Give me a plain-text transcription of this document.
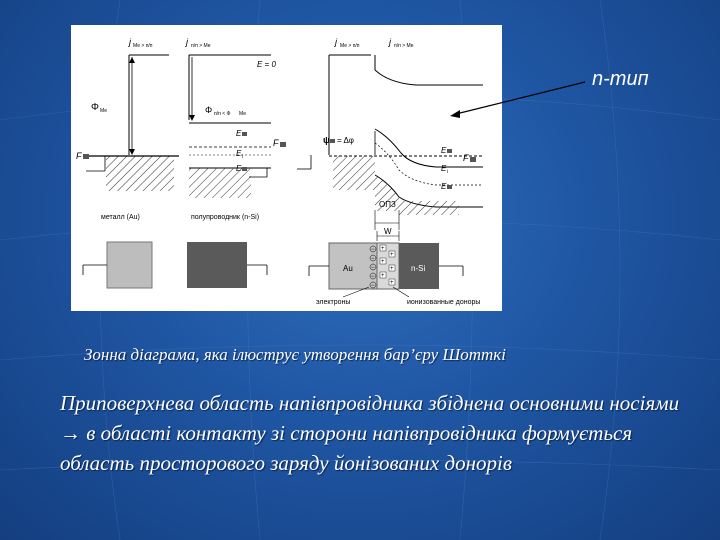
j Ме > п/п
Φ Ме
F
металл (Au)
j п/п > Ме
E = 0
Φ п/п < Φ Ме
E
E i
E
F
полупроводник (n-Si)
j Ме > п/п	j п/п > Ме
ψ = Δφ
E
E i
E
F
ОПЗ
W
Au	n-Si
−
−
−
−
−
+
+
+
+
+
+
электроны	ионизованные доноры
n-тип
Зонна діаграма, яка ілюструє утворення бар’єру Шотткі
Приповерхнева область напівпровідника збіднена основними носіями → в області контакту зі сторони напівпровідника формується область просторового заряду йонізованих донорів
